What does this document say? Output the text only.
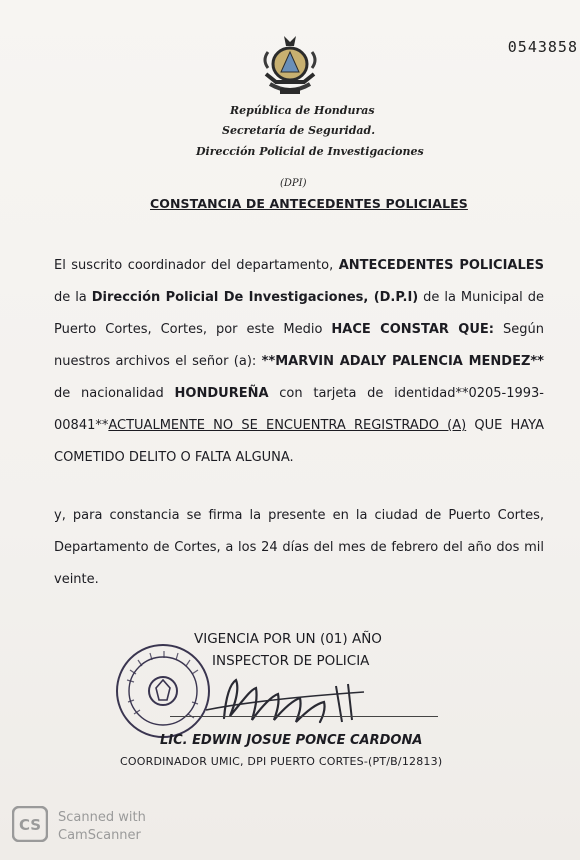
0543858
República de Honduras
Secretaría de Seguridad.
Dirección Policial de Investigaciones
(DPI)
CONSTANCIA DE ANTECEDENTES POLICIALES
El suscrito coordinador del departamento, ANTECEDENTES POLICIALES de la Dirección Policial De Investigaciones, (D.P.I) de la Municipal de Puerto Cortes, Cortes, por este Medio HACE CONSTAR QUE: Según nuestros archivos el señor (a): **MARVIN ADALY PALENCIA MENDEZ** de nacionalidad HONDUREÑA con tarjeta de identidad**0205-1993-00841**ACTUALMENTE NO SE ENCUENTRA REGISTRADO (A) QUE HAYA COMETIDO DELITO O FALTA ALGUNA.
y, para constancia se firma la presente en la ciudad de Puerto Cortes, Departamento de Cortes, a los 24 días del mes de febrero del año dos mil veinte.
VIGENCIA POR UN (01) AÑO
INSPECTOR DE POLICIA
LIC. EDWIN JOSUE PONCE CARDONA
COORDINADOR UMIC, DPI PUERTO CORTES-(PT/B/12813)
CS Scanned with
CamScanner
